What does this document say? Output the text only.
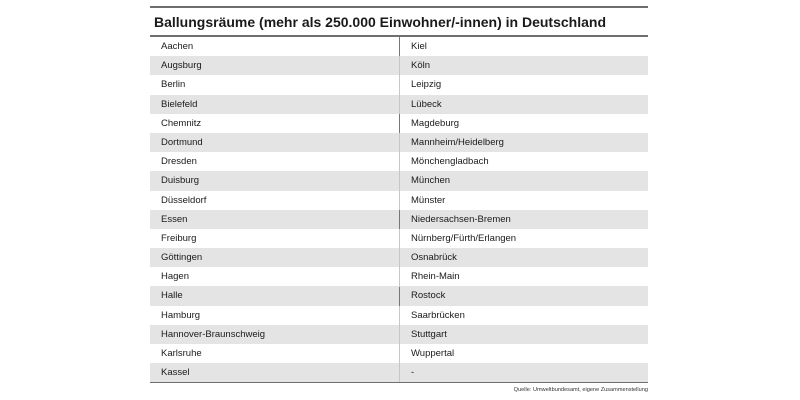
Ballungsräume (mehr als 250.000 Einwohner/-innen) in Deutschland
Aachen	Kiel
Augsburg	Köln
Berlin	Leipzig
Bielefeld	Lübeck
Chemnitz	Magdeburg
Dortmund	Mannheim/Heidelberg
Dresden	Mönchengladbach
Duisburg	München
Düsseldorf	Münster
Essen	Niedersachsen-Bremen
Freiburg	Nürnberg/Fürth/Erlangen
Göttingen	Osnabrück
Hagen	Rhein-Main
Halle	Rostock
Hamburg	Saarbrücken
Hannover-Braunschweig	Stuttgart
Karlsruhe	Wuppertal
Kassel	-
Quelle: Umweltbundesamt, eigene Zusammenstellung
